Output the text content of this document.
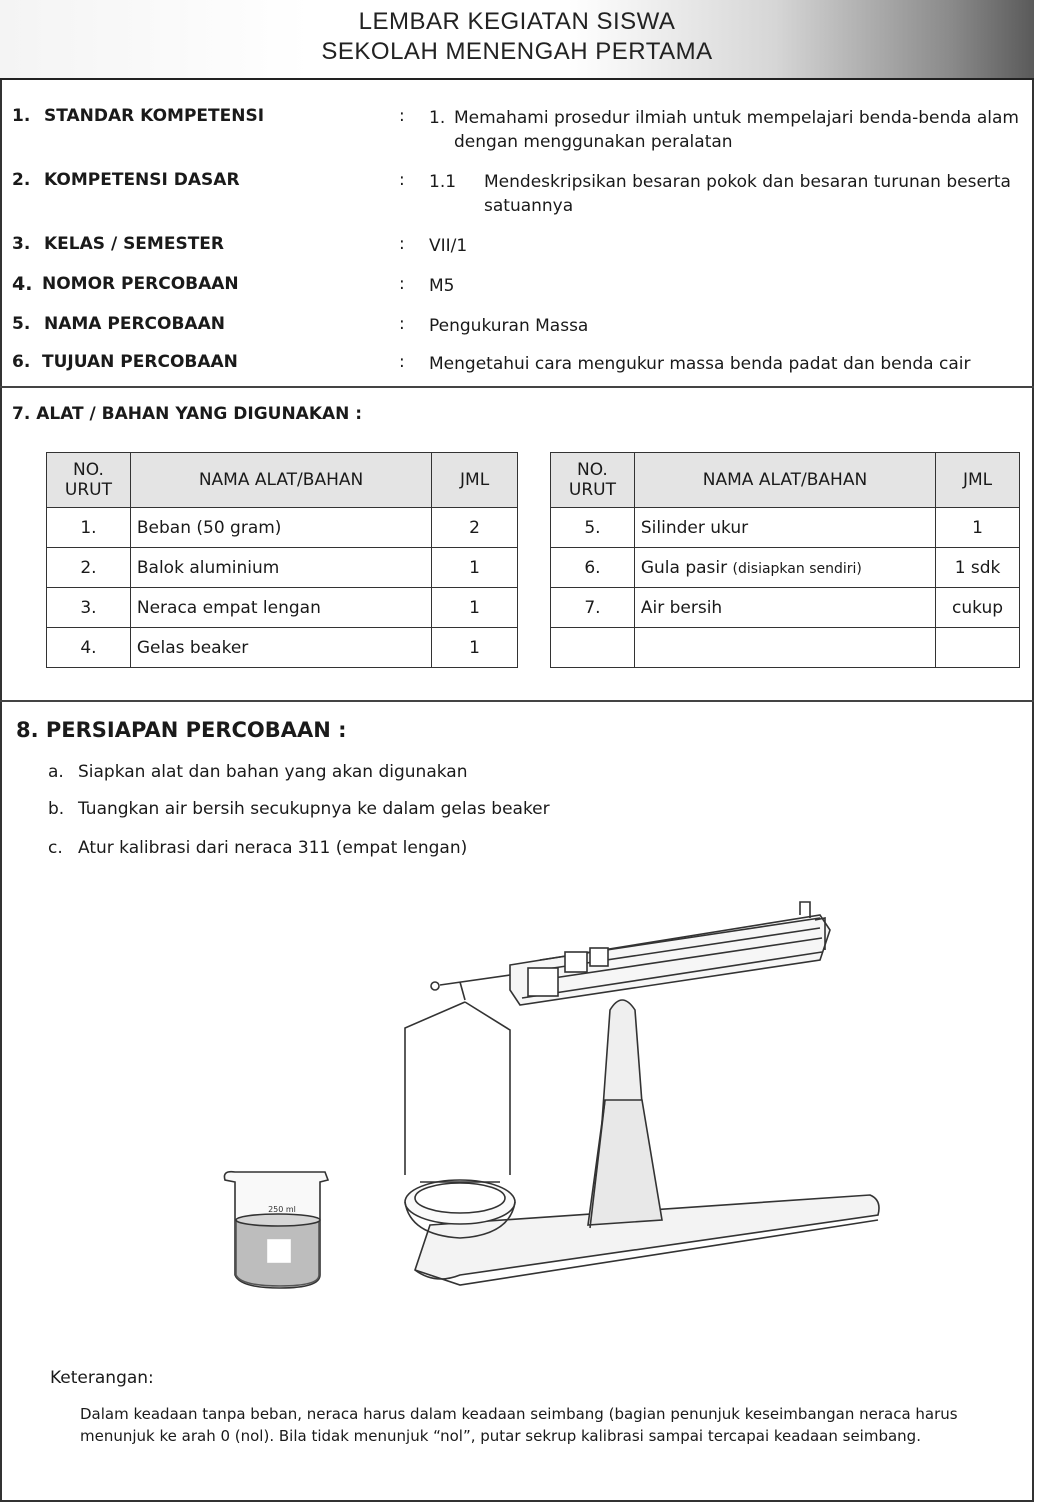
LEMBAR KEGIATAN SISWA
SEKOLAH MENENGAH PERTAMA
1. STANDAR KOMPETENSI	: 1. Memahami prosedur ilmiah untuk mempelajari benda-benda alam dengan menggunakan peralatan
2. KOMPETENSI DASAR	: 1.1 Mendeskripsikan besaran pokok dan besaran turunan beserta satuannya
3. KELAS / SEMESTER	: VII/1
4. NOMOR PERCOBAAN	: M5
5. NAMA PERCOBAAN	: Pengukuran Massa
6. TUJUAN PERCOBAAN	: Mengetahui cara mengukur massa benda padat dan benda cair
7. ALAT / BAHAN YANG DIGUNAKAN :
NO.
URUT	NAMA ALAT/BAHAN	JML
1.	Beban (50 gram)	2
2.	Balok aluminium	1
3.	Neraca empat lengan	1
4.	Gelas beaker	1
NO.
URUT	NAMA ALAT/BAHAN	JML
5.	Silinder ukur	1
6.	Gula pasir (disiapkan sendiri)	1 sdk
7.	Air bersih	cukup

8. PERSIAPAN PERCOBAAN :
a. Siapkan alat dan bahan yang akan digunakan
b. Tuangkan air bersih secukupnya ke dalam gelas beaker
c. Atur kalibrasi dari neraca 311 (empat lengan)
250 ml
Keterangan:
Dalam keadaan tanpa beban, neraca harus dalam keadaan seimbang (bagian penunjuk keseimbangan neraca harus menunjuk ke arah 0 (nol). Bila tidak menunjuk “nol”, putar sekrup kalibrasi sampai tercapai keadaan seimbang.
